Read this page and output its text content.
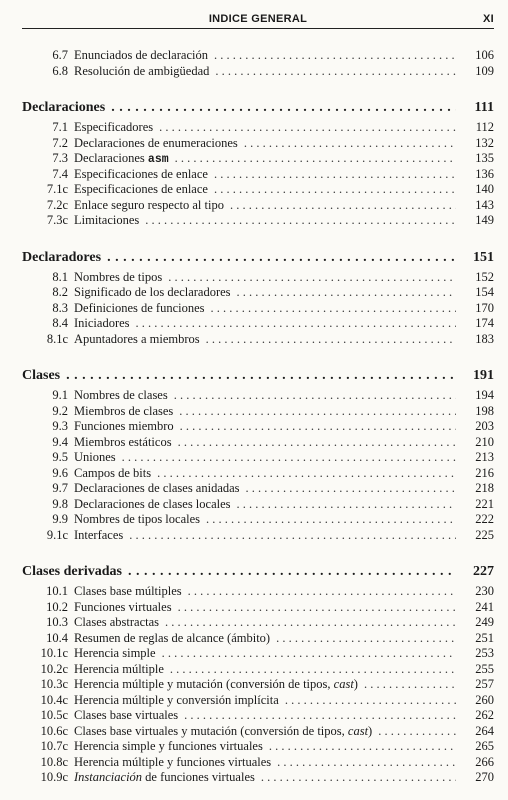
INDICE GENERAL	XI
6.7 Enunciados de declaración . . .	106
6.8 Resolución de ambigüedad . . .	109
Declaraciones . . .	111
7.1 Especificadores . . .	112
7.2 Declaraciones de enumeraciones . . .	132
7.3 Declaraciones asm . . .	135
7.4 Especificaciones de enlace . . .	136
7.1c Especificaciones de enlace . . .	140
7.2c Enlace seguro respecto al tipo . . .	143
7.3c Limitaciones . . .	149
Declaradores . . .	151
8.1 Nombres de tipos . . .	152
8.2 Significado de los declaradores . . .	154
8.3 Definiciones de funciones . . .	170
8.4 Iniciadores . . .	174
8.1c Apuntadores a miembros . . .	183
Clases . . .	191
9.1 Nombres de clases . . .	194
9.2 Miembros de clases . . .	198
9.3 Funciones miembro . . .	203
9.4 Miembros estáticos . . .	210
9.5 Uniones . . .	213
9.6 Campos de bits . . .	216
9.7 Declaraciones de clases anidadas . . .	218
9.8 Declaraciones de clases locales . . .	221
9.9 Nombres de tipos locales . . .	222
9.1c Interfaces . . .	225
Clases derivadas . . .	227
10.1 Clases base múltiples . . .	230
10.2 Funciones virtuales . . .	241
10.3 Clases abstractas . . .	249
10.4 Resumen de reglas de alcance (ámbito) . . .	251
10.1c Herencia simple . . .	253
10.2c Herencia múltiple . . .	255
10.3c Herencia múltiple y mutación (conversión de tipos, cast) . . .	257
10.4c Herencia múltiple y conversión implícita . . .	260
10.5c Clases base virtuales . . .	262
10.6c Clases base virtuales y mutación (conversión de tipos, cast) . . .	264
10.7c Herencia simple y funciones virtuales . . .	265
10.8c Herencia múltiple y funciones virtuales . . .	266
10.9c Instanciación de funciones virtuales . . .	270
